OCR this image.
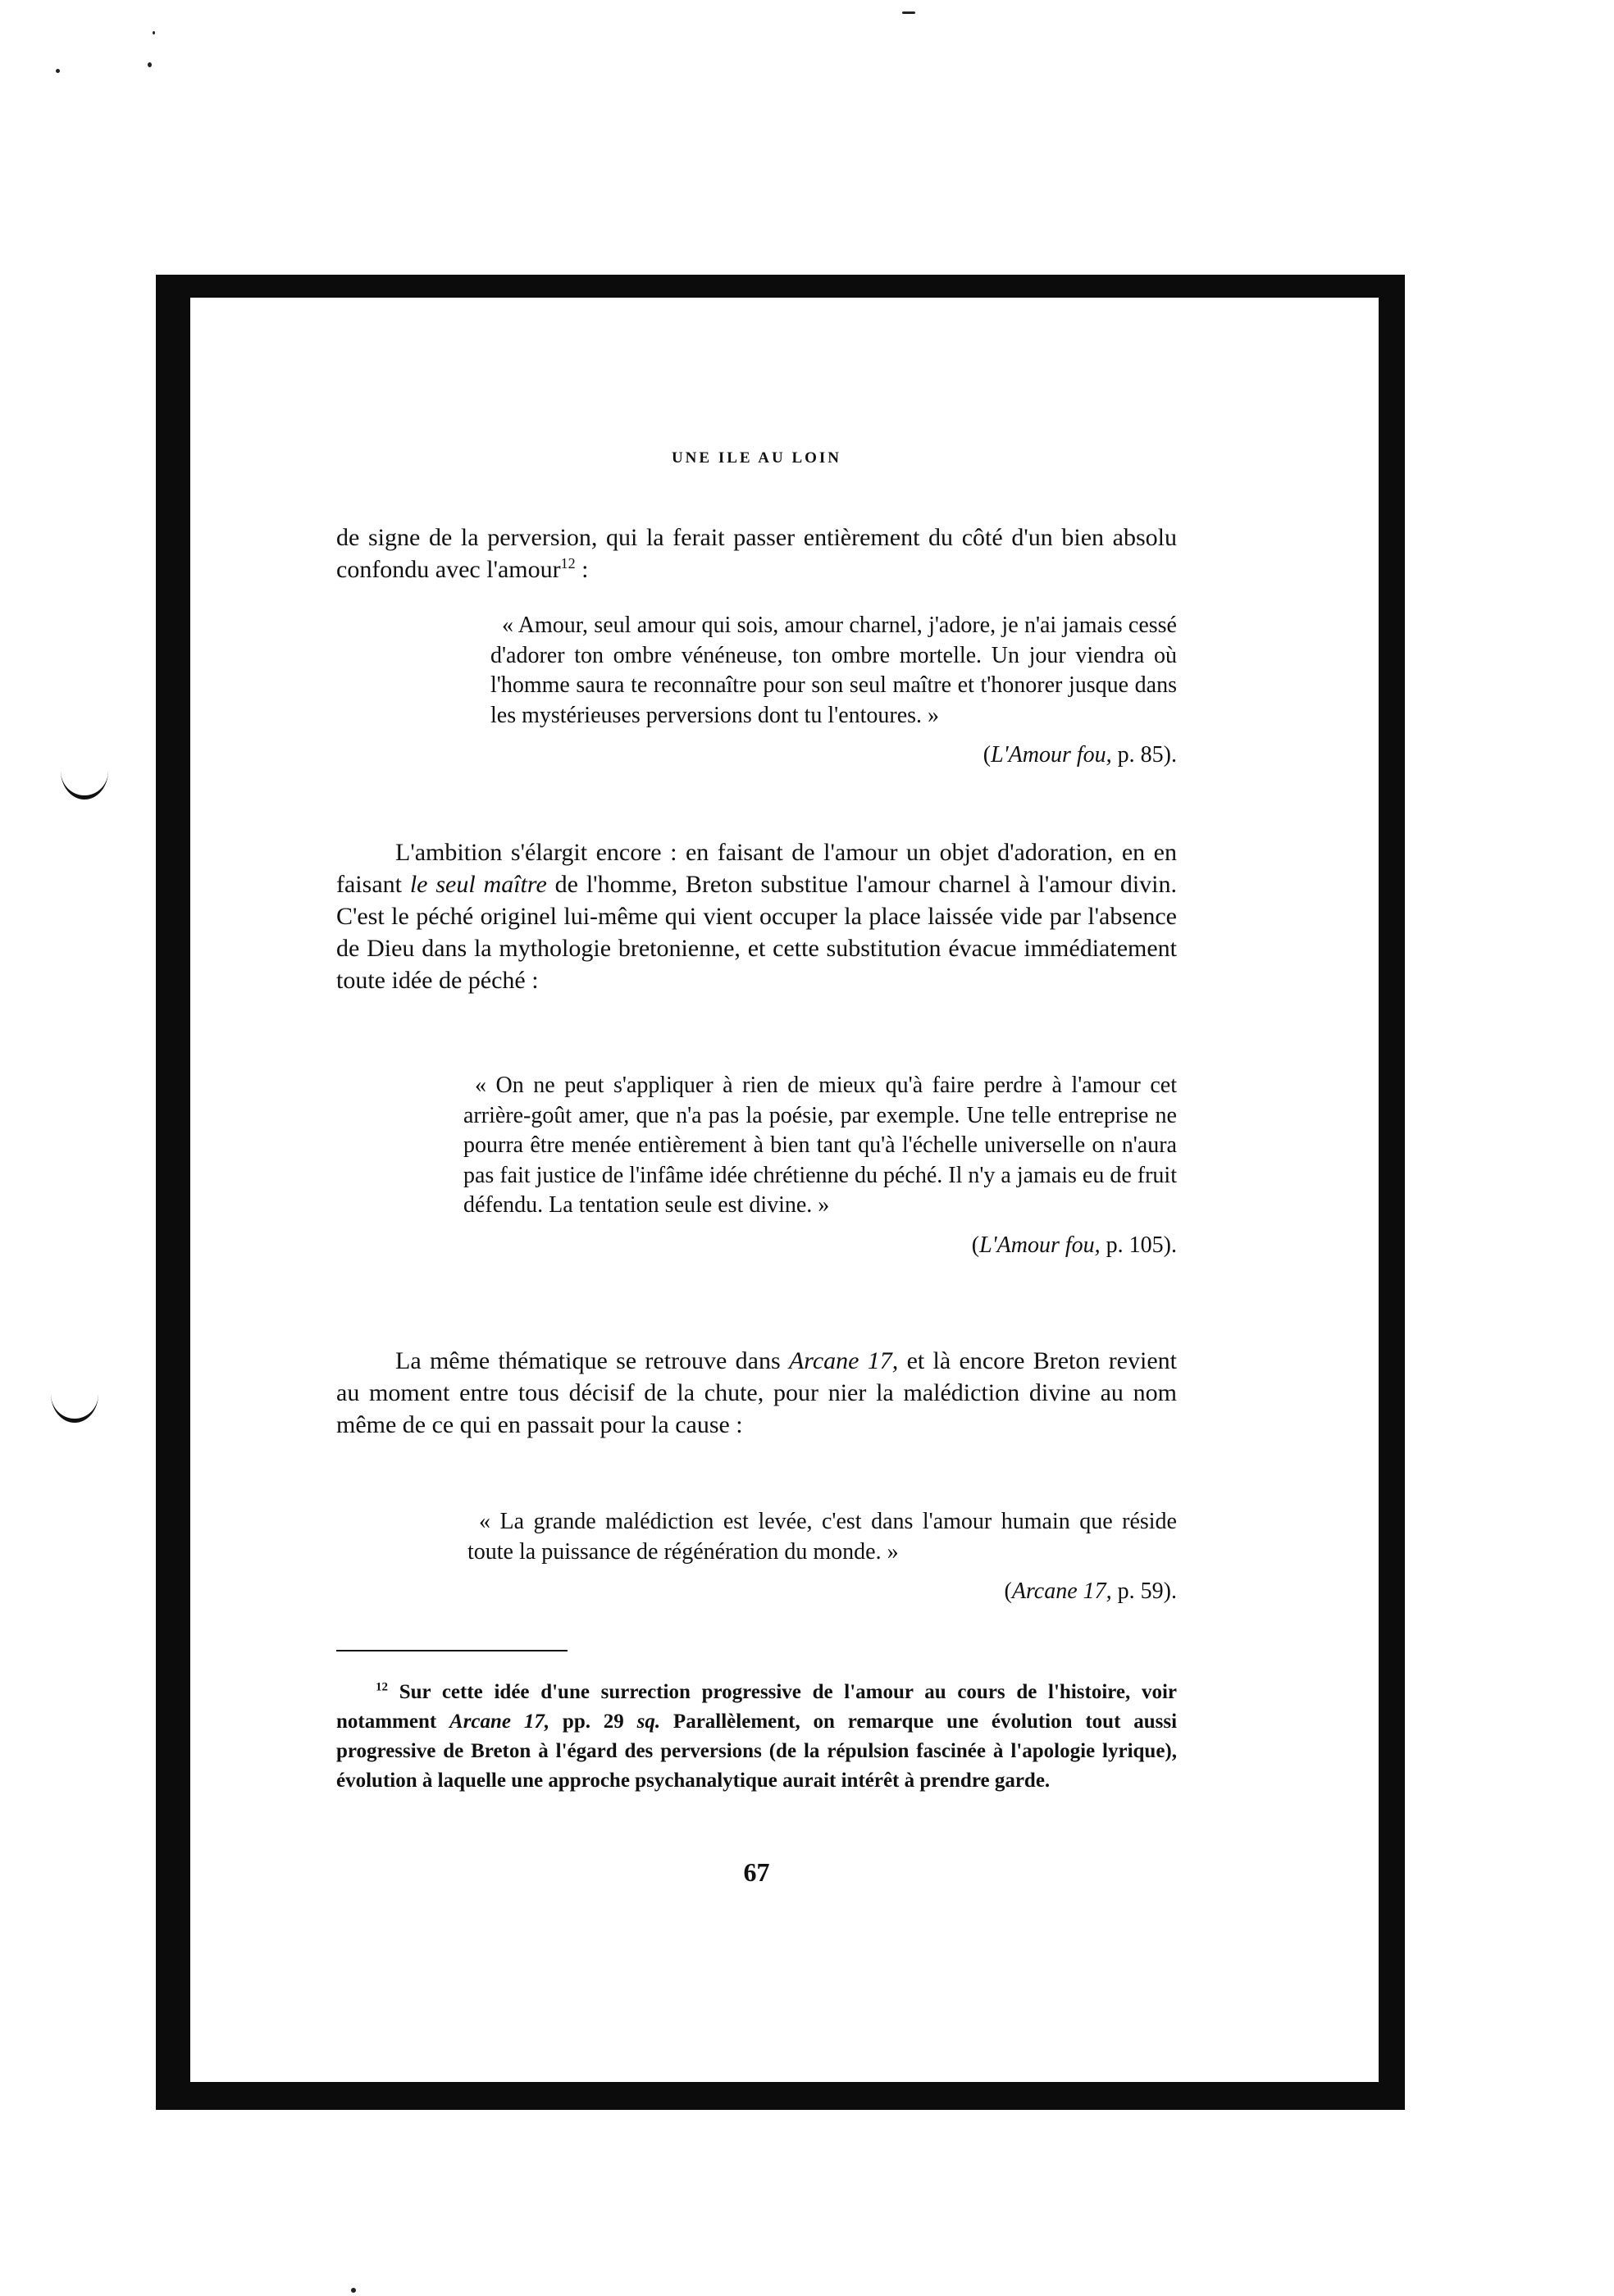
UNE ILE AU LOIN
de signe de la perversion, qui la ferait passer entièrement du côté d'un bien absolu confondu avec l'amour$^{12}$ :
« Amour, seul amour qui sois, amour charnel, j'adore, je n'ai jamais cessé d'adorer ton ombre vénéneuse, ton ombre mortelle. Un jour viendra où l'homme saura te reconnaître pour son seul maître et t'honorer jusque dans les mystérieuses perversions dont tu l'entoures. »
(L'Amour fou, p. 85).
L'ambition s'élargit encore : en faisant de l'amour un objet d'adoration, en en faisant le seul maître de l'homme, Breton substitue l'amour charnel à l'amour divin. C'est le péché originel lui-même qui vient occuper la place laissée vide par l'absence de Dieu dans la mythologie bretonienne, et cette substitution évacue immédiatement toute idée de péché :
« On ne peut s'appliquer à rien de mieux qu'à faire perdre à l'amour cet arrière-goût amer, que n'a pas la poésie, par exemple. Une telle entreprise ne pourra être menée entièrement à bien tant qu'à l'échelle universelle on n'aura pas fait justice de l'infâme idée chrétienne du péché. Il n'y a jamais eu de fruit défendu. La tentation seule est divine. »
(L'Amour fou, p. 105).
La même thématique se retrouve dans Arcane 17, et là encore Breton revient au moment entre tous décisif de la chute, pour nier la malédiction divine au nom même de ce qui en passait pour la cause :
« La grande malédiction est levée, c'est dans l'amour humain que réside toute la puissance de régénération du monde. »
(Arcane 17, p. 59).
$^{12}$ Sur cette idée d'une surrection progressive de l'amour au cours de l'histoire, voir notamment Arcane 17, pp. 29 sq. Parallèlement, on remarque une évolution tout aussi progressive de Breton à l'égard des perversions (de la répulsion fascinée à l'apologie lyrique), évolution à laquelle une approche psychanalytique aurait intérêt à prendre garde.
67
